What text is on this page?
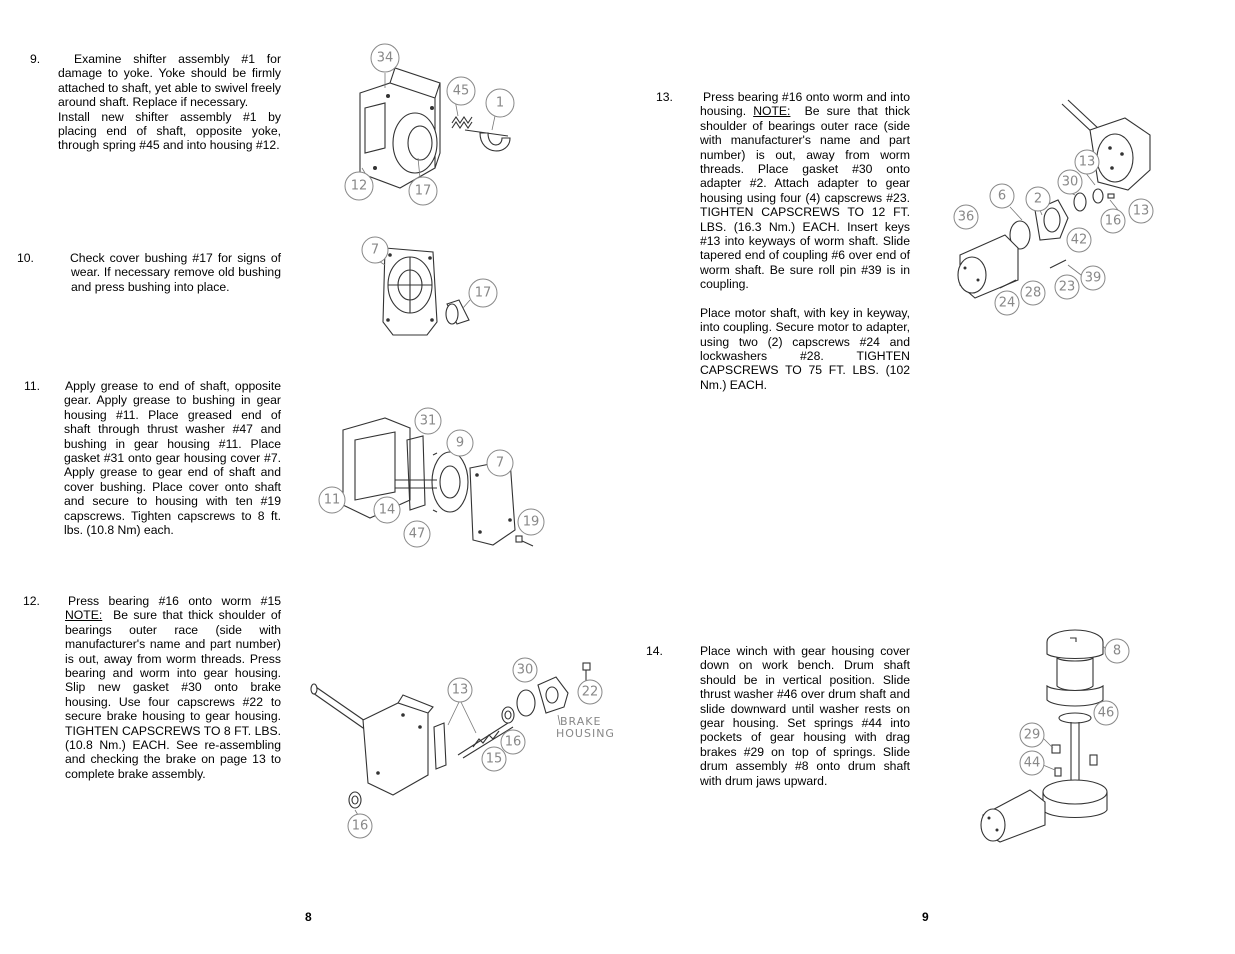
9.	Examine shifter assembly #1 for damage to yoke. Yoke should be firmly attached to shaft, yet able to swivel freely around shaft. Replace if necessary.

Install new shifter assembly #1 by placing end of shaft, opposite yoke, through spring #45 and into housing #12.

10.	Check cover bushing #17 for signs of wear. If necessary remove old bushing and press bushing into place.

11. Apply grease to end of shaft, opposite gear. Apply grease to bushing in gear housing #11. Place greased end of shaft through thrust washer #47 and bushing in gear housing #11. Place gasket #31 onto gear housing cover #7. Apply grease to gear end of shaft and cover bushing. Place cover onto shaft and secure to housing with ten #19 capscrews. Tighten capscrews to 8 ft. lbs. (10.8 Nm) each.

12. Press bearing #16 onto worm #15 NOTE: Be sure that thick shoulder of bearings outer race (side with manufacturer's name and part number) is out, away from worm threads. Press bearing and worm into gear housing. Slip new gasket #30 onto brake housing. Use four capscrews #22 to secure brake housing to gear housing. TIGHTEN CAPSCREWS TO 8 FT. LBS. (10.8 Nm.) EACH. See re-assembling and checking the brake on page 13 to complete brake assembly.

8

13. Press bearing #16 onto worm and into housing. NOTE: Be sure that thick shoulder of bearings outer race (side with manufacturer's name and part number) is out, away from worm threads. Place gasket #30 onto adapter #2. Attach adapter to gear housing using four (4) capscrews #23. TIGHTEN CAPSCREWS TO 12 FT. LBS. (16.3 Nm.) EACH. Insert keys #13 into keyways of worm shaft. Slide tapered end of coupling #6 over end of worm shaft. Be sure roll pin #39 is in coupling.

Place motor shaft, with key in keyway, into coupling. Secure motor to adapter, using two (2) capscrews #24 and lockwashers #28. TIGHTEN CAPSCREWS TO 75 FT. LBS. (102 Nm.) EACH.

14.	Place winch with gear housing cover down on work bench. Drum shaft should be in vertical position. Slide thrust washer #46 over drum shaft and slide downward until washer rests on gear housing. Set springs #44 into pockets of gear housing with drag brakes #29 on top of springs. Slide drum assembly #8 onto drum shaft with drum jaws upward.

9
34
45
1
12	17
7
17
31
9
7
11
14
47
19
13
30
22
16
15
16
BRAKE
HOUSING
13
6 2
30
36	16
13
42
39
24
28 23
8
46
29
44
